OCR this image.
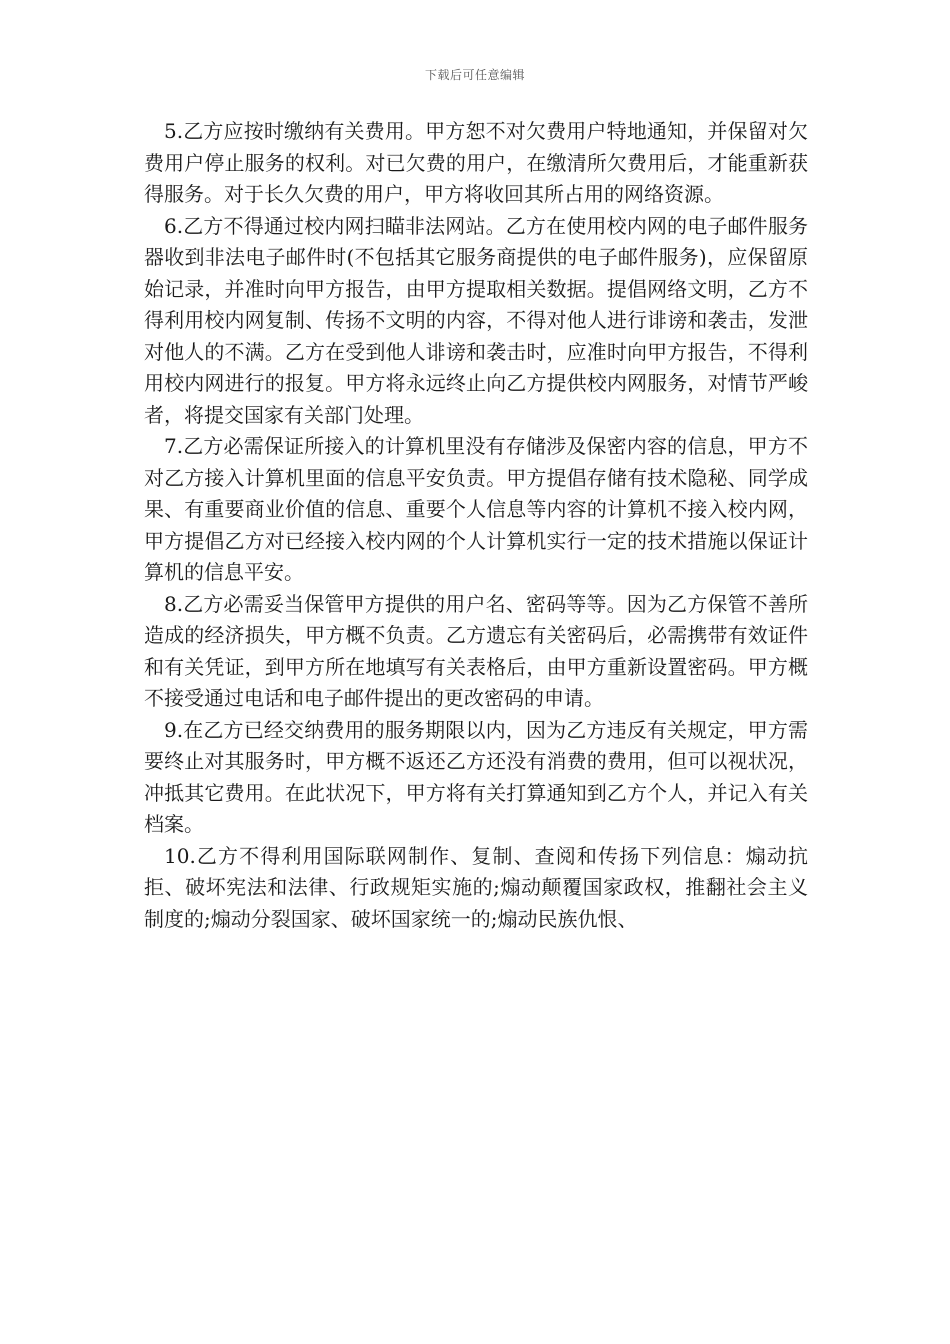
下载后可任意编辑

5.乙方应按时缴纳有关费用。甲方恕不对欠费用户特地通知，并保留对欠费用户停止服务的权利。对已欠费的用户，在缴清所欠费用后，才能重新获得服务。对于长久欠费的用户，甲方将收回其所占用的网络资源。

6.乙方不得通过校内网扫瞄非法网站。乙方在使用校内网的电子邮件服务器收到非法电子邮件时(不包括其它服务商提供的电子邮件服务)，应保留原始记录，并准时向甲方报告，由甲方提取相关数据。提倡网络文明，乙方不得利用校内网复制、传扬不文明的内容，不得对他人进行诽谤和袭击，发泄对他人的不满。乙方在受到他人诽谤和袭击时，应准时向甲方报告，不得利用校内网进行的报复。甲方将永远终止向乙方提供校内网服务，对情节严峻者，将提交国家有关部门处理。

7.乙方必需保证所接入的计算机里没有存储涉及保密内容的信息，甲方不对乙方接入计算机里面的信息平安负责。甲方提倡存储有技术隐秘、同学成果、有重要商业价值的信息、重要个人信息等内容的计算机不接入校内网，甲方提倡乙方对已经接入校内网的个人计算机实行一定的技术措施以保证计算机的信息平安。

8.乙方必需妥当保管甲方提供的用户名、密码等等。因为乙方保管不善所造成的经济损失，甲方概不负责。乙方遗忘有关密码后，必需携带有效证件和有关凭证，到甲方所在地填写有关表格后，由甲方重新设置密码。甲方概不接受通过电话和电子邮件提出的更改密码的申请。

9.在乙方已经交纳费用的服务期限以内，因为乙方违反有关规定，甲方需要终止对其服务时，甲方概不返还乙方还没有消费的费用，但可以视状况，冲抵其它费用。在此状况下，甲方将有关打算通知到乙方个人，并记入有关档案。

10.乙方不得利用国际联网制作、复制、查阅和传扬下列信息：煽动抗拒、破坏宪法和法律、行政规矩实施的;煽动颠覆国家政权，推翻社会主义制度的;煽动分裂国家、破坏国家统一的;煽动民族仇恨、
